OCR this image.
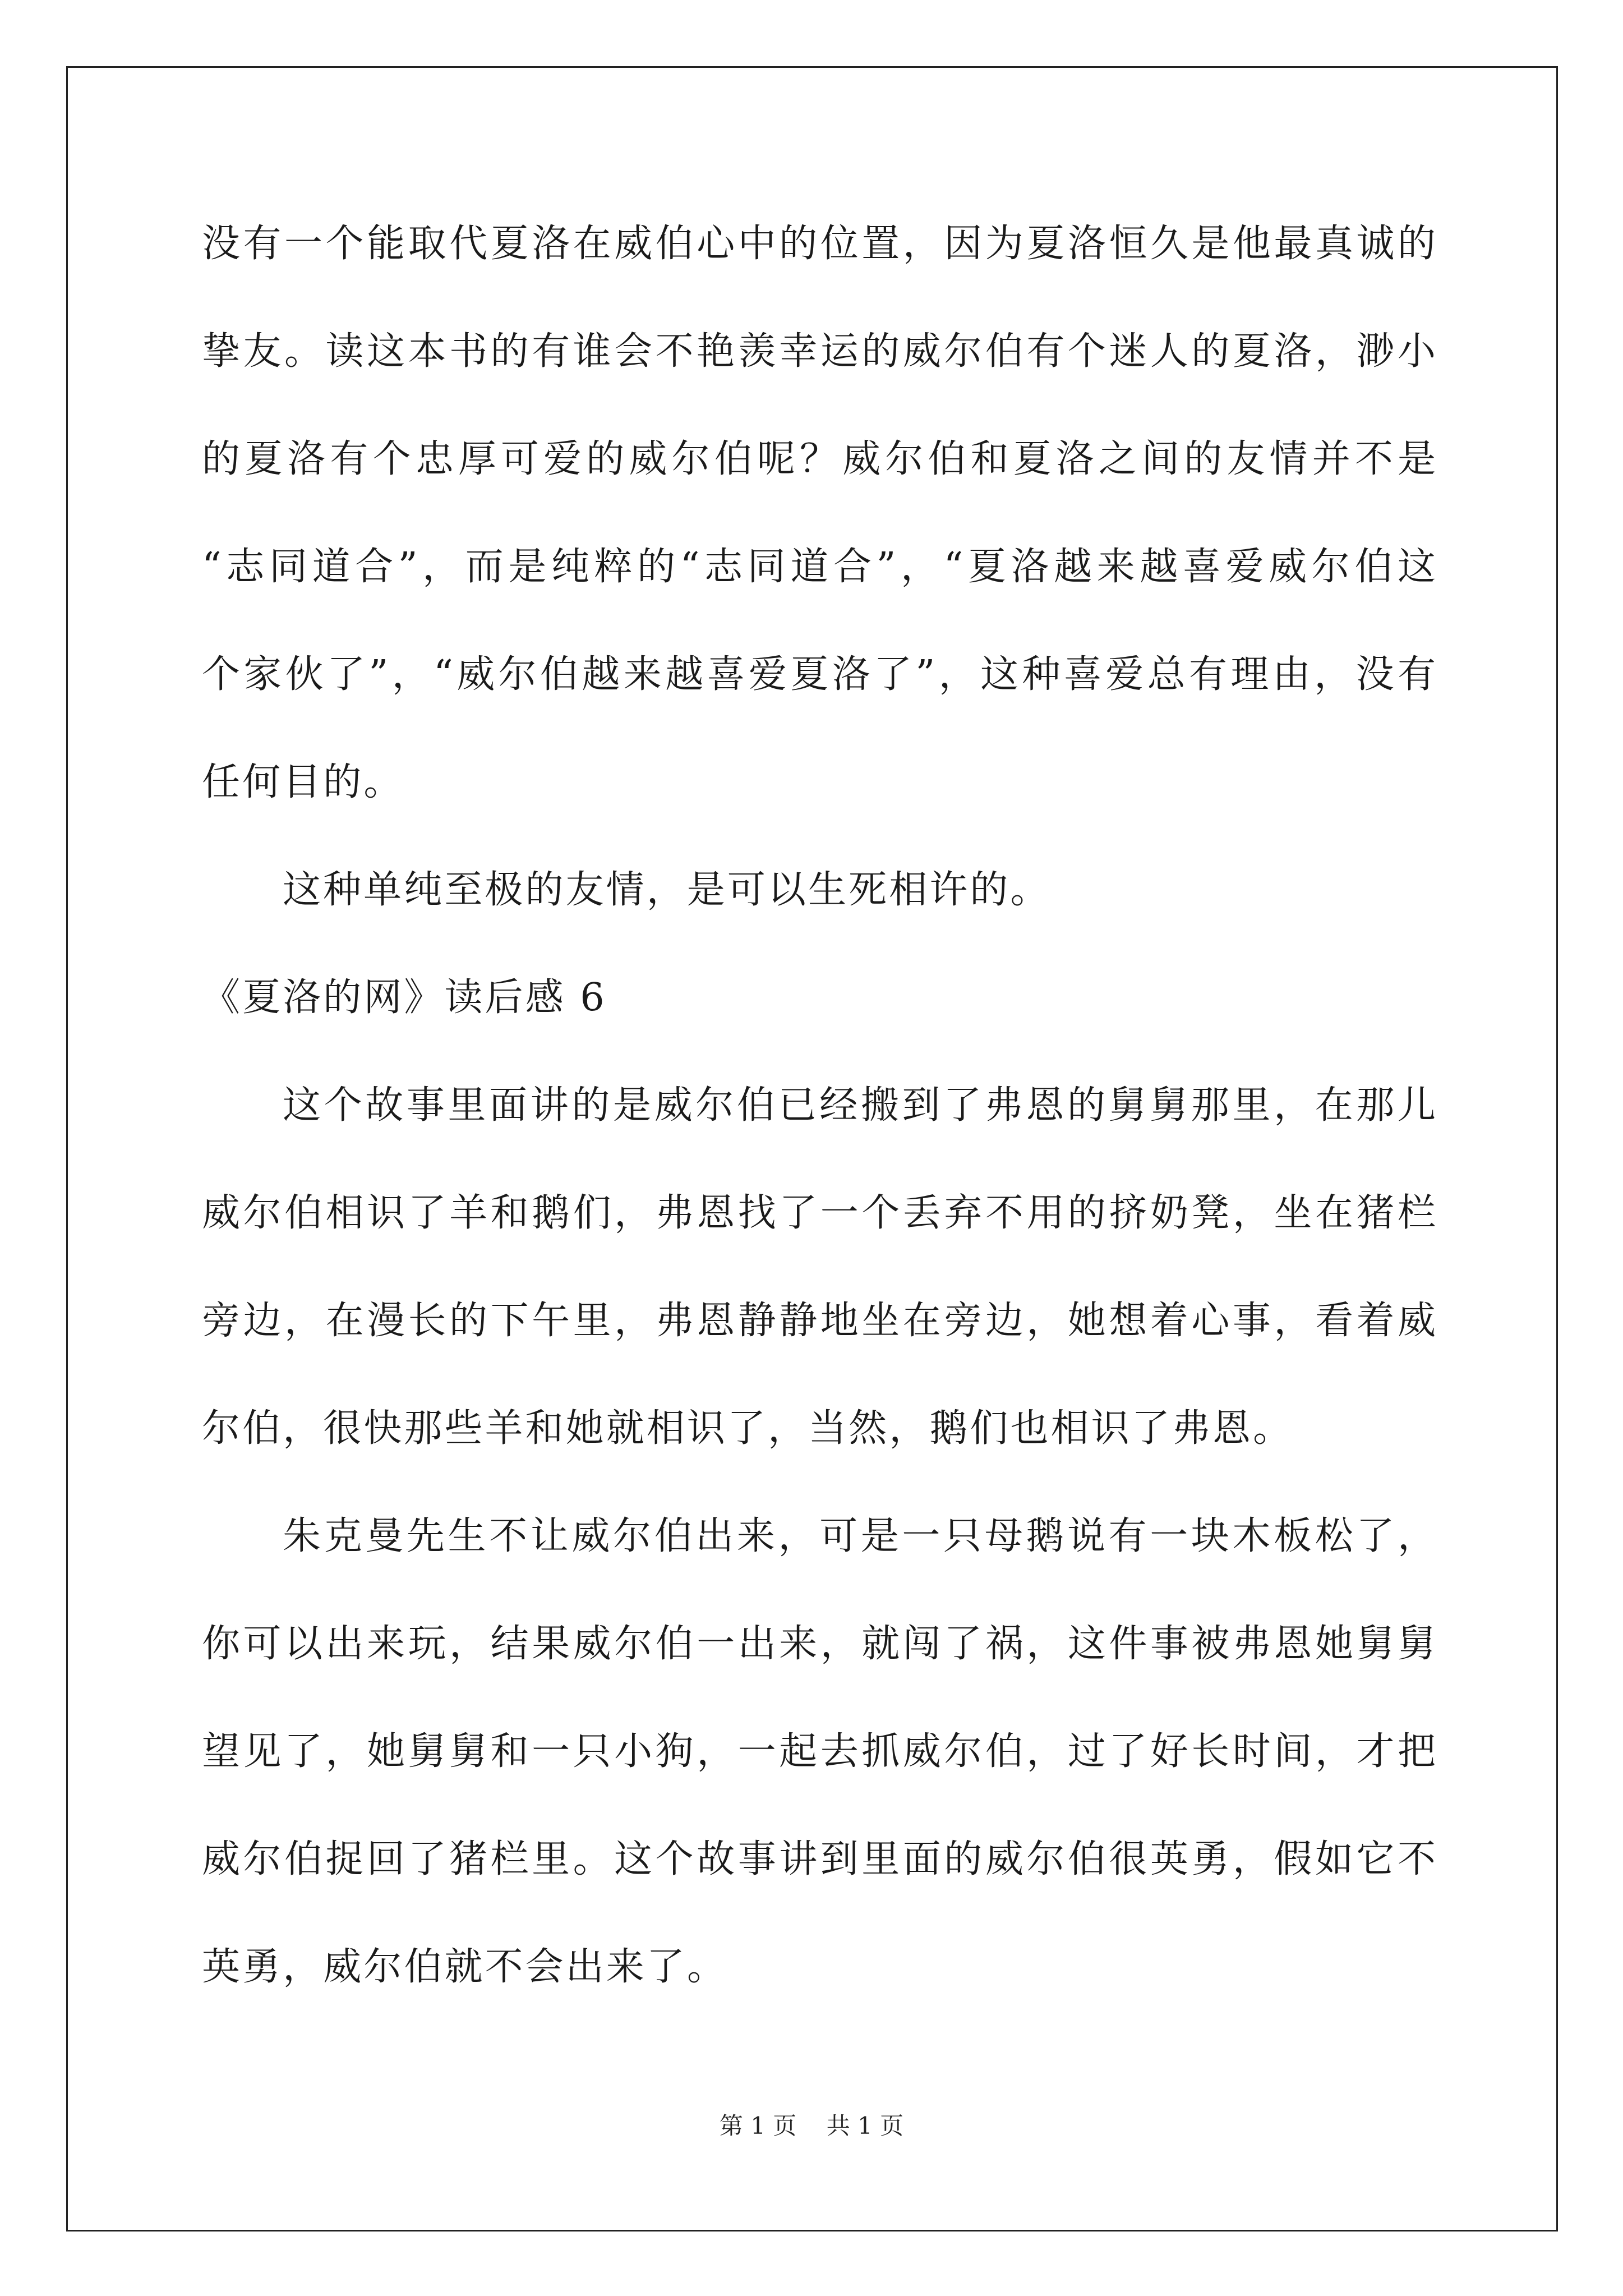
没有一个能取代夏洛在威伯心中的位置，因为夏洛恒久是他最真诚的
挚友。读这本书的有谁会不艳羡幸运的威尔伯有个迷人的夏洛，渺小
的夏洛有个忠厚可爱的威尔伯呢？威尔伯和夏洛之间的友情并不是
“志同道合”，而是纯粹的“志同道合”，“夏洛越来越喜爱威尔伯这
个家伙了”，“威尔伯越来越喜爱夏洛了”，这种喜爱总有理由，没有
任何目的。
这种单纯至极的友情，是可以生死相许的。
《夏洛的网》读后感 6
这个故事里面讲的是威尔伯已经搬到了弗恩的舅舅那里，在那儿
威尔伯相识了羊和鹅们，弗恩找了一个丢弃不用的挤奶凳，坐在猪栏
旁边，在漫长的下午里，弗恩静静地坐在旁边，她想着心事，看着威
尔伯，很快那些羊和她就相识了，当然，鹅们也相识了弗恩。
朱克曼先生不让威尔伯出来，可是一只母鹅说有一块木板松了，
你可以出来玩，结果威尔伯一出来，就闯了祸，这件事被弗恩她舅舅
望见了，她舅舅和一只小狗，一起去抓威尔伯，过了好长时间，才把
威尔伯捉回了猪栏里。这个故事讲到里面的威尔伯很英勇，假如它不
英勇，威尔伯就不会出来了。
第 1 页 共 1 页
